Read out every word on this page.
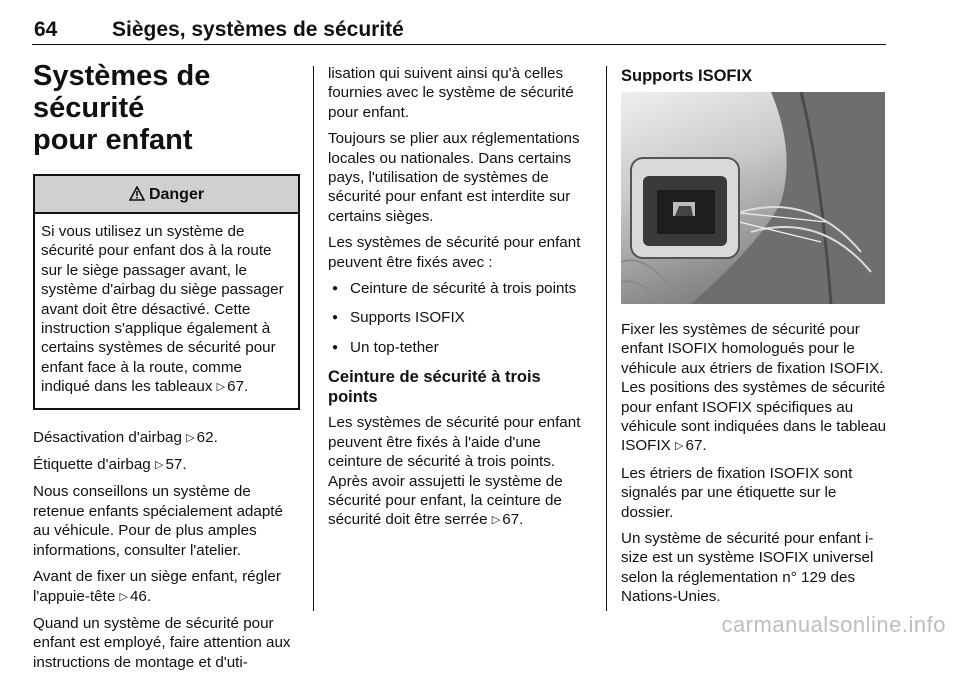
64	Sièges, systèmes de sécurité
Systèmes de sécurité
pour enfant
Danger
Si vous utilisez un système de sécurité pour enfant dos à la route sur le siège passager avant, le système d'airbag du siège passager avant doit être désactivé. Cette instruction s'applique également à certains systèmes de sécurité pour enfant face à la route, comme indiqué dans les tableaux ▷ 67.

Désactivation d'airbag ▷ 62.

Étiquette d'airbag ▷ 57.

Nous conseillons un système de retenue enfants spécialement adapté au véhicule. Pour de plus amples informations, consulter l'atelier.

Avant de fixer un siège enfant, régler l'appuie-tête ▷ 46.

Quand un système de sécurité pour enfant est employé, faire attention aux instructions de montage et d'uti-

lisation qui suivent ainsi qu'à celles fournies avec le système de sécurité pour enfant.

Toujours se plier aux réglementations locales ou nationales. Dans certains pays, l'utilisation de systèmes de sécurité pour enfant est interdite sur certains sièges.

Les systèmes de sécurité pour enfant peuvent être fixés avec :

● Ceinture de sécurité à trois points
● Supports ISOFIX
● Un top-tether
Ceinture de sécurité à trois points

Les systèmes de sécurité pour enfant peuvent être fixés à l'aide d'une ceinture de sécurité à trois points. Après avoir assujetti le système de sécurité pour enfant, la ceinture de sécurité doit être serrée ▷ 67.

Supports ISOFIX

Fixer les systèmes de sécurité pour enfant ISOFIX homologués pour le véhicule aux étriers de fixation ISOFIX. Les positions des systèmes de sécurité pour enfant ISOFIX spécifiques au véhicule sont indiquées dans le tableau ISOFIX ▷ 67.

Les étriers de fixation ISOFIX sont signalés par une étiquette sur le dossier.

Un système de sécurité pour enfant i-size est un système ISOFIX universel selon la réglementation n° 129 des Nations-Unies.

carmanualsonline.info
